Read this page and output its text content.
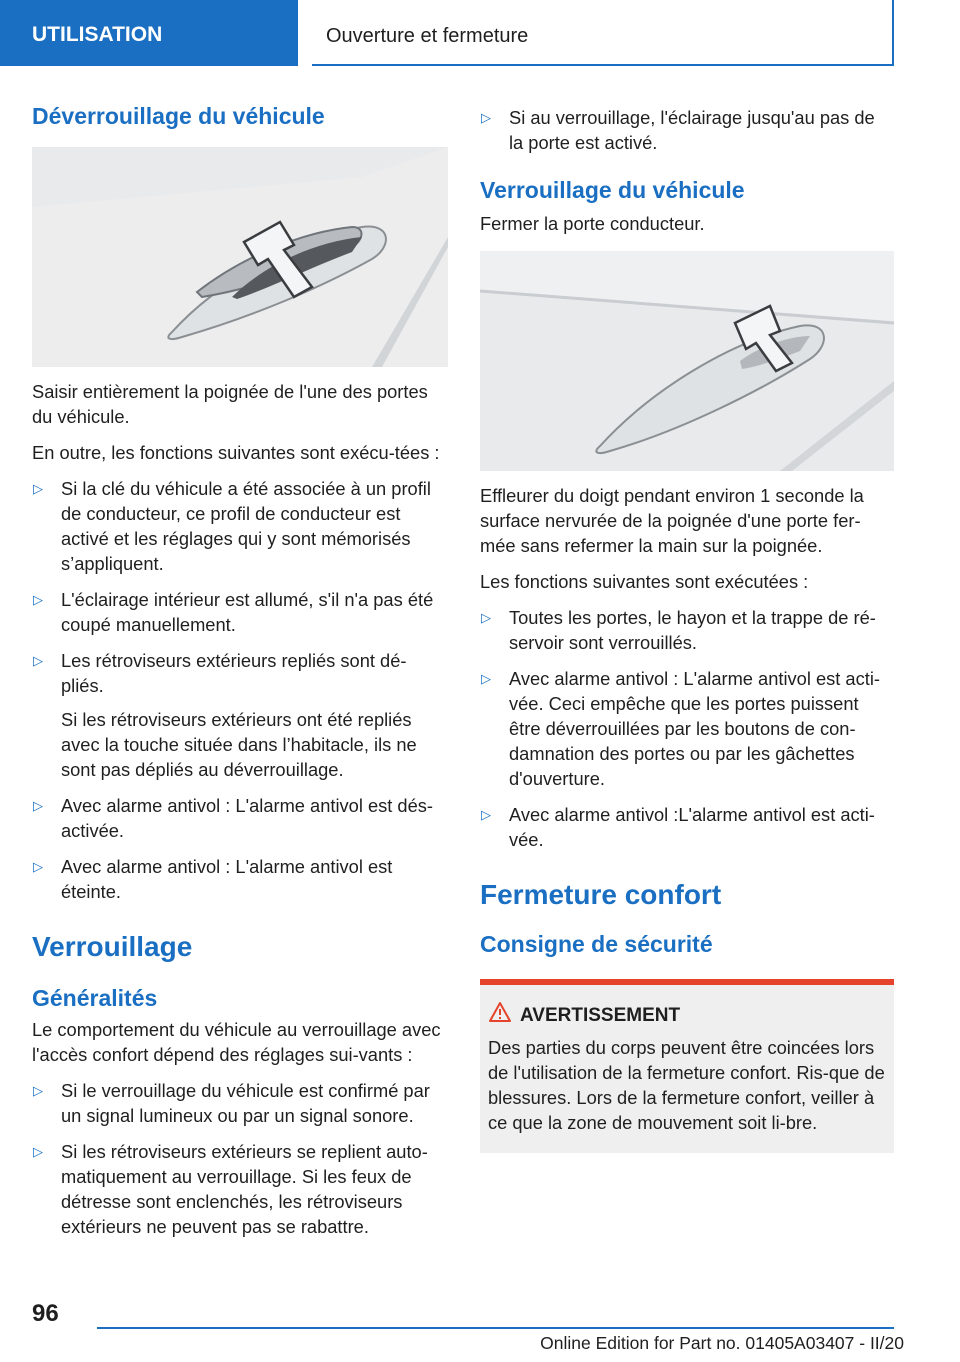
UTILISATION	Ouverture et fermeture
Déverrouillage du véhicule

Saisir entièrement la poignée de l'une des portes du véhicule.

En outre, les fonctions suivantes sont exécu-tées :

▷ Si la clé du véhicule a été associée à un profil de conducteur, ce profil de conducteur est activé et les réglages qui y sont mémorisés s’appliquent.
▷ L'éclairage intérieur est allumé, s'il n'a pas été coupé manuellement.
▷ Les rétroviseurs extérieurs repliés sont dé-pliés.

Si les rétroviseurs extérieurs ont été repliés avec la touche située dans l’habitacle, ils ne sont pas dépliés au déverrouillage.

▷ Avec alarme antivol : L'alarme antivol est dés-activée.
▷ Avec alarme antivol : L'alarme antivol est éteinte.
Verrouillage
Généralités

Le comportement du véhicule au verrouillage avec l'accès confort dépend des réglages sui-vants :

▷ Si le verrouillage du véhicule est confirmé par un signal lumineux ou par un signal sonore.
▷ Si les rétroviseurs extérieurs se replient auto-matiquement au verrouillage. Si les feux de détresse sont enclenchés, les rétroviseurs extérieurs ne peuvent pas se rabattre.
▷ Si au verrouillage, l'éclairage jusqu'au pas de la porte est activé.
Verrouillage du véhicule

Fermer la porte conducteur.

Effleurer du doigt pendant environ 1 seconde la surface nervurée de la poignée d'une porte fer-mée sans refermer la main sur la poignée.

Les fonctions suivantes sont exécutées :

▷ Toutes les portes, le hayon et la trappe de ré-servoir sont verrouillés.
▷ Avec alarme antivol : L'alarme antivol est acti-vée. Ceci empêche que les portes puissent être déverrouillées par les boutons de con-damnation des portes ou par les gâchettes d'ouverture.
▷ Avec alarme antivol :L'alarme antivol est acti-vée.
Fermeture confort
Consigne de sécurité
AVERTISSEMENT

Des parties du corps peuvent être coincées lors de l'utilisation de la fermeture confort. Ris-que de blessures. Lors de la fermeture confort, veiller à ce que la zone de mouvement soit li-bre.

96
Online Edition for Part no. 01405A03407 - II/20
